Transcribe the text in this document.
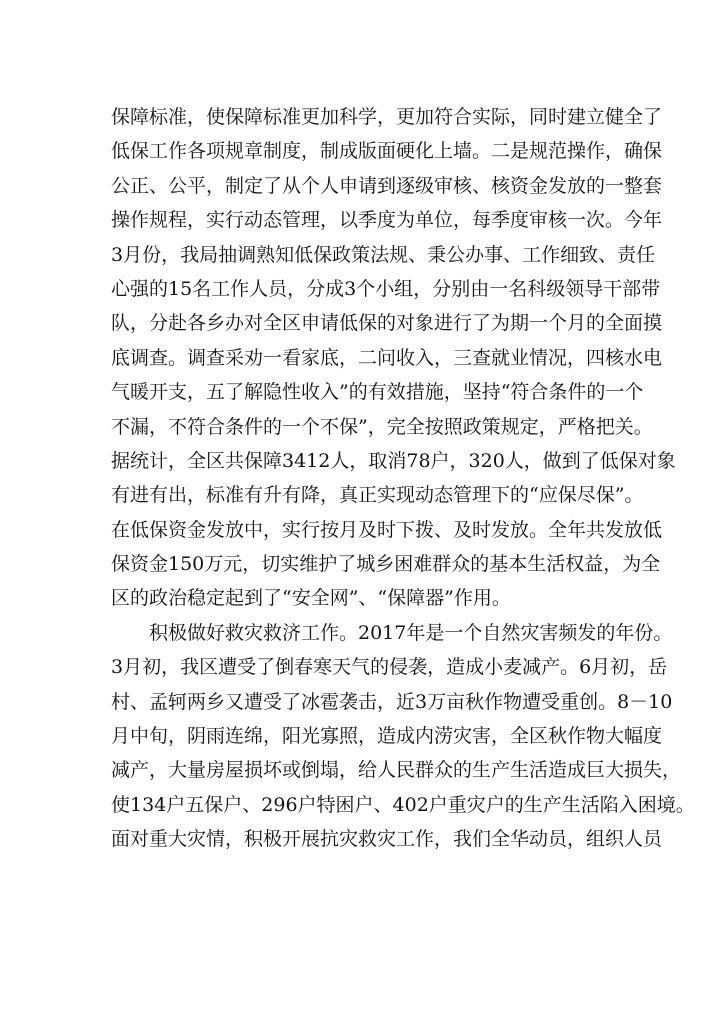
保障标准，使保障标准更加科学，更加符合实际，同时建立健全了
低保工作各项规章制度，制成版面硬化上墙。二是规范操作，确保
公正、公平，制定了从个人申请到逐级审核、核资金发放的一整套
操作规程，实行动态管理，以季度为单位，每季度审核一次。今年
3月份，我局抽调熟知低保政策法规、秉公办事、工作细致、责任
心强的15名工作人员，分成3个小组，分别由一名科级领导干部带
队，分赴各乡办对全区申请低保的对象进行了为期一个月的全面摸
底调查。调查采劝一看家底，二问收入，三查就业情况，四核水电
气暖开支，五了解隐性收入”的有效措施，坚持“符合条件的一个
不漏，不符合条件的一个不保”，完全按照政策规定，严格把关。
据统计，全区共保障3412人，取消78户，320人，做到了低保对象
有进有出，标准有升有降，真正实现动态管理下的“应保尽保”。
在低保资金发放中，实行按月及时下拨、及时发放。全年共发放低
保资金150万元，切实维护了城乡困难群众的基本生活权益，为全
区的政治稳定起到了“安全网”、“保障器”作用。
积极做好救灾救济工作。2017年是一个自然灾害频发的年份。
3月初，我区遭受了倒春寒天气的侵袭，造成小麦减产。6月初，岳
村、孟轲两乡又遭受了冰雹袭击，近3万亩秋作物遭受重创。8－10
月中旬，阴雨连绵，阳光寡照，造成内涝灾害，全区秋作物大幅度
减产，大量房屋损坏或倒塌，给人民群众的生产生活造成巨大损失，
使134户五保户、296户特困户、402户重灾户的生产生活陷入困境。
面对重大灾情，积极开展抗灾救灾工作，我们全华动员，组织人员
